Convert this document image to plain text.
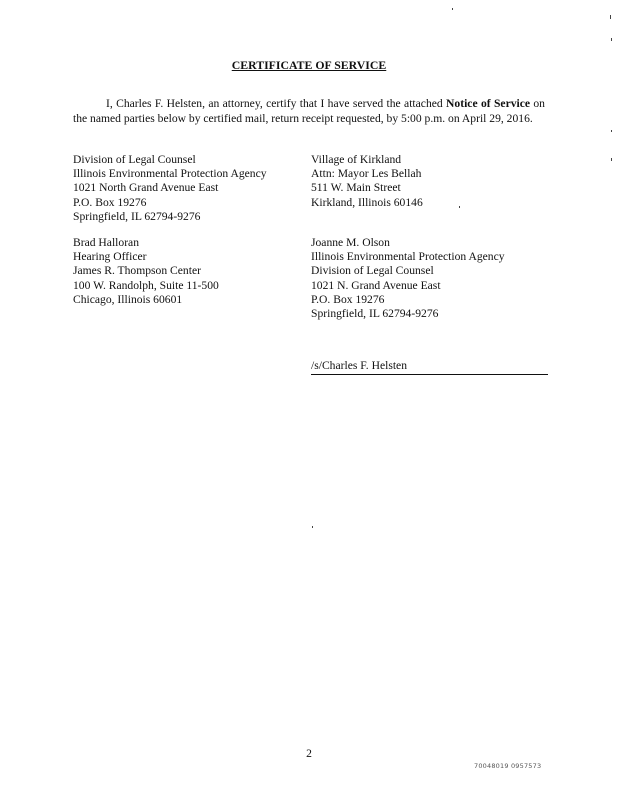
CERTIFICATE OF SERVICE
I, Charles F. Helsten, an attorney, certify that I have served the attached Notice of Service on the named parties below by certified mail, return receipt requested, by 5:00 p.m. on April 29, 2016.
Division of Legal Counsel
Illinois Environmental Protection Agency
1021 North Grand Avenue East
P.O. Box 19276
Springfield, IL 62794-9276
Village of Kirkland
Attn: Mayor Les Bellah
511 W. Main Street
Kirkland, Illinois 60146
Brad Halloran
Hearing Officer
James R. Thompson Center
100 W. Randolph, Suite 11-500
Chicago, Illinois 60601
Joanne M. Olson
Illinois Environmental Protection Agency
Division of Legal Counsel
1021 N. Grand Avenue East
P.O. Box 19276
Springfield, IL 62794-9276
/s/Charles F. Helsten
2
70048019 0957573
